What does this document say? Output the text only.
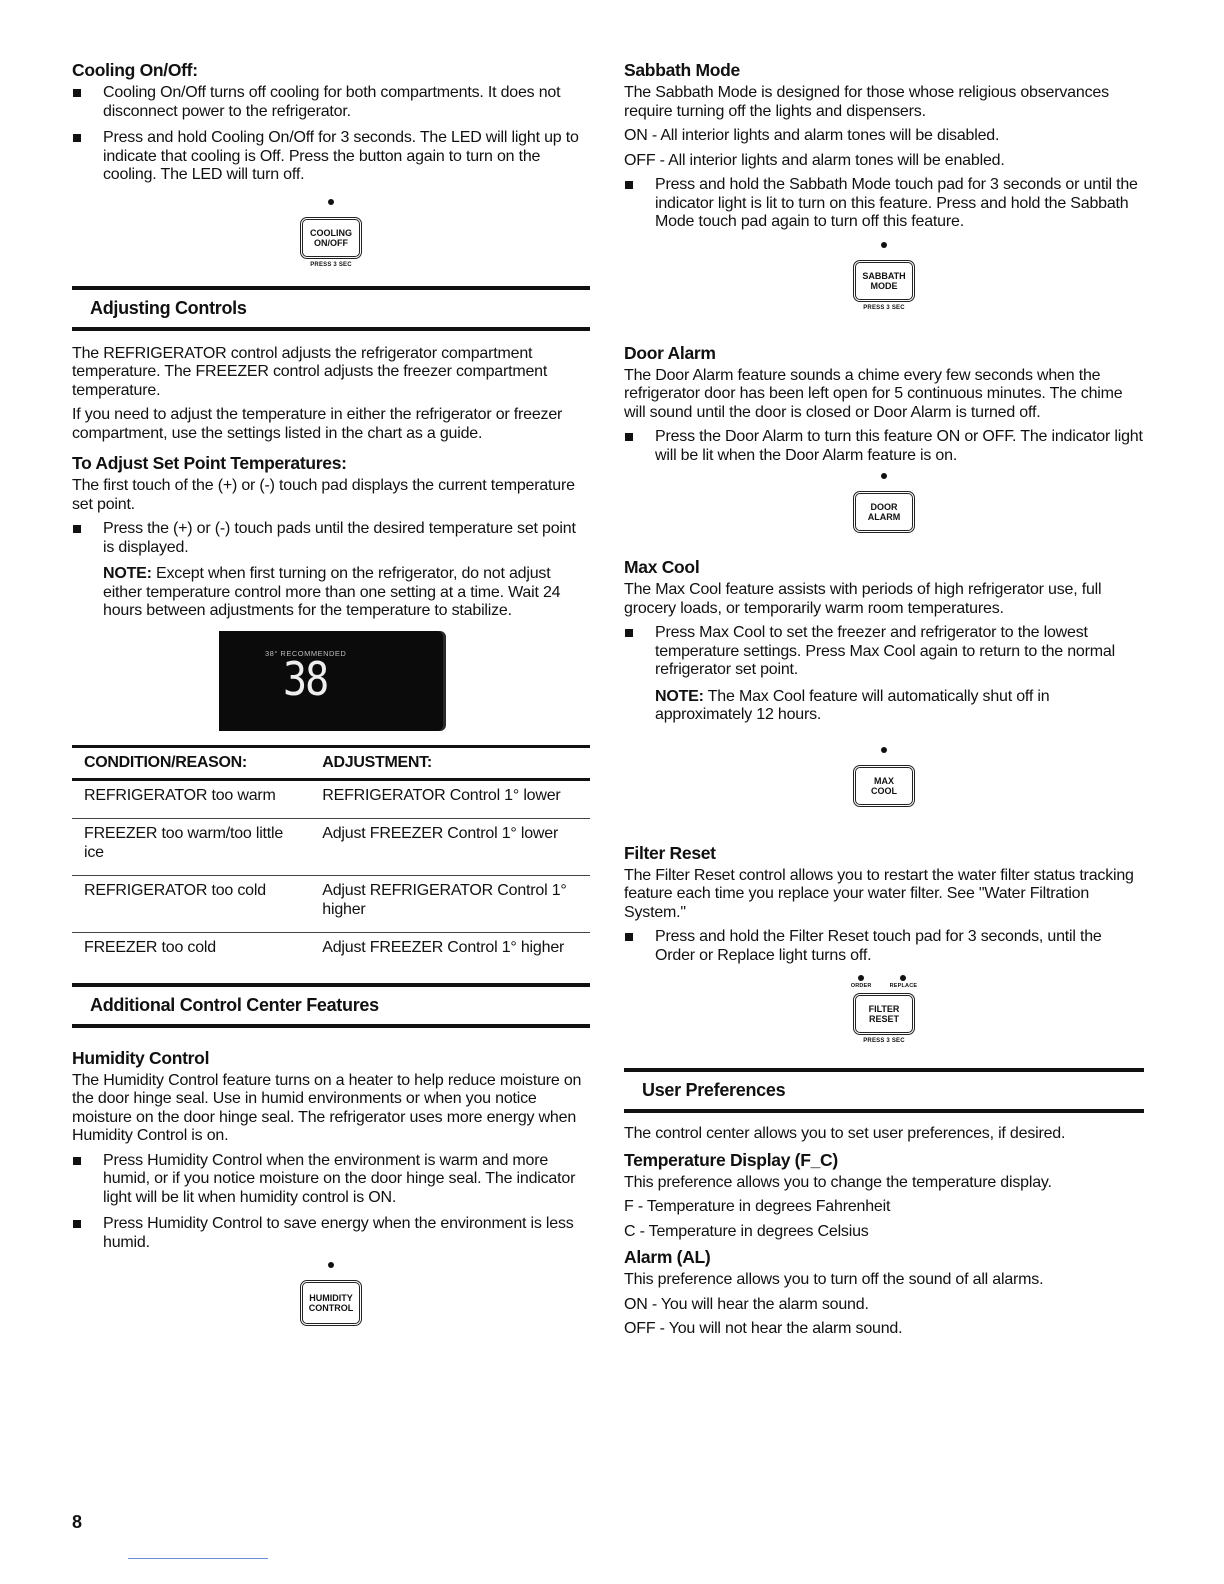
Cooling On/Off:
Cooling On/Off turns off cooling for both compartments. It does not disconnect power to the refrigerator.
Press and hold Cooling On/Off for 3 seconds. The LED will light up to indicate that cooling is Off. Press the button again to turn on the cooling. The LED will turn off.
COOLING
ON/OFF
PRESS 3 SEC
Adjusting Controls

The REFRIGERATOR control adjusts the refrigerator compartment temperature. The FREEZER control adjusts the freezer compartment temperature.

If you need to adjust the temperature in either the refrigerator or freezer compartment, use the settings listed in the chart as a guide.

To Adjust Set Point Temperatures:

The first touch of the (+) or (-) touch pad displays the current temperature set point.

Press the (+) or (-) touch pads until the desired temperature set point is displayed.
NOTE: Except when first turning on the refrigerator, do not adjust either temperature control more than one setting at a time. Wait 24 hours between adjustments for the temperature to stabilize.
38° RECOMMENDED
38
CONDITION/REASON:	ADJUSTMENT:
REFRIGERATOR too warm	REFRIGERATOR Control 1° lower
FREEZER too warm/too little ice	Adjust FREEZER Control 1° lower
REFRIGERATOR too cold	Adjust REFRIGERATOR Control 1° higher
FREEZER too cold	Adjust FREEZER Control 1° higher
Additional Control Center Features
Humidity Control

The Humidity Control feature turns on a heater to help reduce moisture on the door hinge seal. Use in humid environments or when you notice moisture on the door hinge seal. The refrigerator uses more energy when Humidity Control is on.

Press Humidity Control when the environment is warm and more humid, or if you notice moisture on the door hinge seal. The indicator light will be lit when humidity control is ON.
Press Humidity Control to save energy when the environment is less humid.
HUMIDITY
CONTROL
Sabbath Mode

The Sabbath Mode is designed for those whose religious observances require turning off the lights and dispensers.

ON - All interior lights and alarm tones will be disabled.

OFF - All interior lights and alarm tones will be enabled.

Press and hold the Sabbath Mode touch pad for 3 seconds or until the indicator light is lit to turn on this feature. Press and hold the Sabbath Mode touch pad again to turn off this feature.
SABBATH
MODE
PRESS 3 SEC
Door Alarm

The Door Alarm feature sounds a chime every few seconds when the refrigerator door has been left open for 5 continuous minutes. The chime will sound until the door is closed or Door Alarm is turned off.

Press the Door Alarm to turn this feature ON or OFF. The indicator light will be lit when the Door Alarm feature is on.
DOOR
ALARM
Max Cool

The Max Cool feature assists with periods of high refrigerator use, full grocery loads, or temporarily warm room temperatures.

Press Max Cool to set the freezer and refrigerator to the lowest temperature settings. Press Max Cool again to return to the normal refrigerator set point.
NOTE: The Max Cool feature will automatically shut off in approximately 12 hours.
MAX
COOL
Filter Reset

The Filter Reset control allows you to restart the water filter status tracking feature each time you replace your water filter. See "Water Filtration System."

Press and hold the Filter Reset touch pad for 3 seconds, until the Order or Replace light turns off.
ORDER	REPLACE
FILTER
RESET
PRESS 3 SEC
User Preferences

The control center allows you to set user preferences, if desired.

Temperature Display (F_C)

This preference allows you to change the temperature display.

F - Temperature in degrees Fahrenheit

C - Temperature in degrees Celsius

Alarm (AL)

This preference allows you to turn off the sound of all alarms.

ON - You will hear the alarm sound.

OFF - You will not hear the alarm sound.

8
